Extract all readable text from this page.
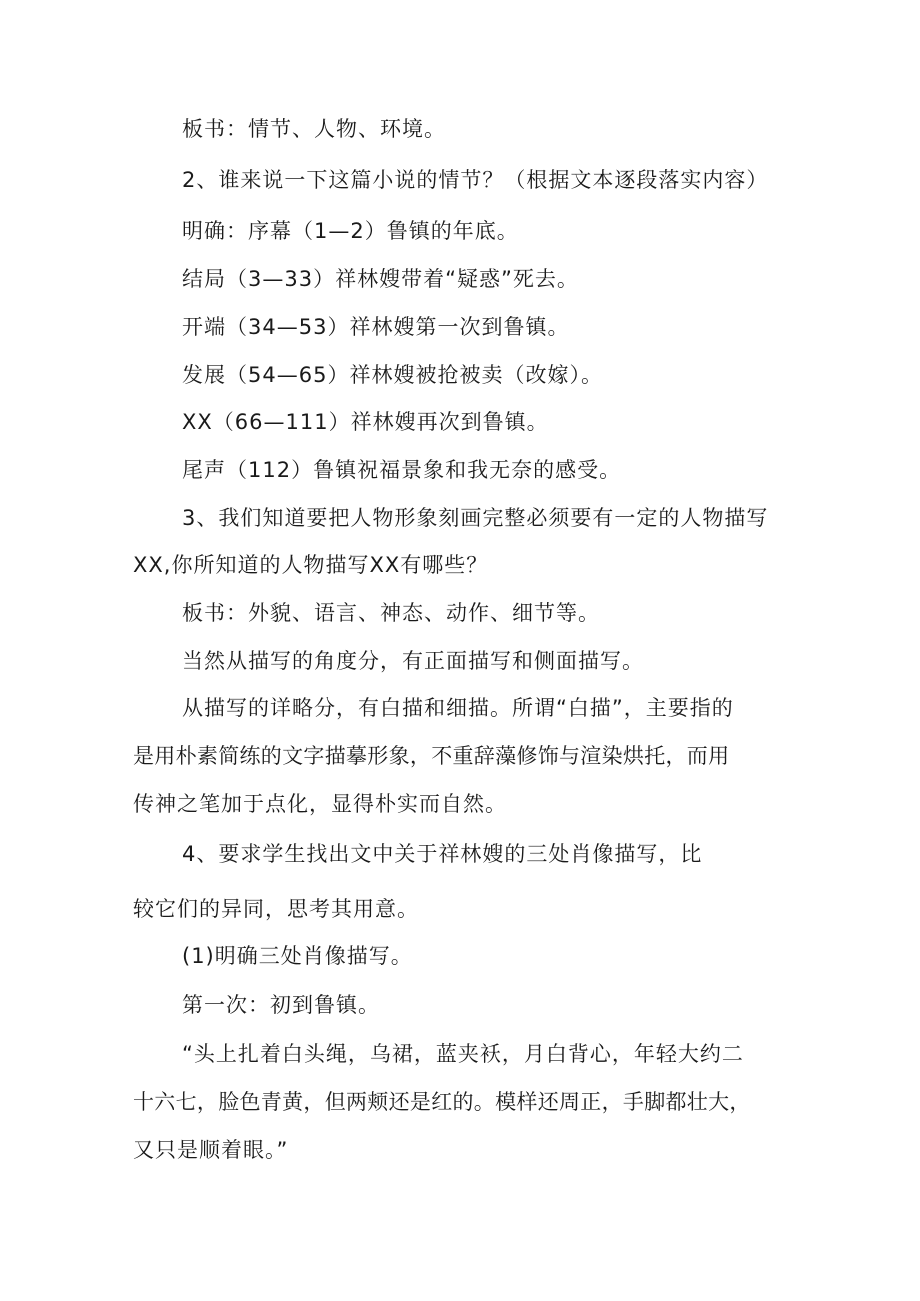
板书：情节、人物、环境。

2、谁来说一下这篇小说的情节？（根据文本逐段落实内容）

明确：序幕（1—2）鲁镇的年底。

结局（3—33）祥林嫂带着“疑惑”死去。

开端（34—53）祥林嫂第一次到鲁镇。

发展（54—65）祥林嫂被抢被卖（改嫁）。

XX（66—111）祥林嫂再次到鲁镇。

尾声（112）鲁镇祝福景象和我无奈的感受。

3、我们知道要把人物形象刻画完整必须要有一定的人物描写

XX,你所知道的人物描写XX有哪些？

板书：外貌、语言、神态、动作、细节等。

当然从描写的角度分，有正面描写和侧面描写。

从描写的详略分，有白描和细描。所谓“白描”，主要指的

是用朴素简练的文字描摹形象，不重辞藻修饰与渲染烘托，而用

传神之笔加于点化，显得朴实而自然。

4、要求学生找出文中关于祥林嫂的三处肖像描写，比

较它们的异同，思考其用意。

(1)明确三处肖像描写。

第一次：初到鲁镇。

“头上扎着白头绳，乌裙，蓝夹袄，月白背心，年轻大约二

十六七，脸色青黄，但两颊还是红的。模样还周正，手脚都壮大，

又只是顺着眼。”
